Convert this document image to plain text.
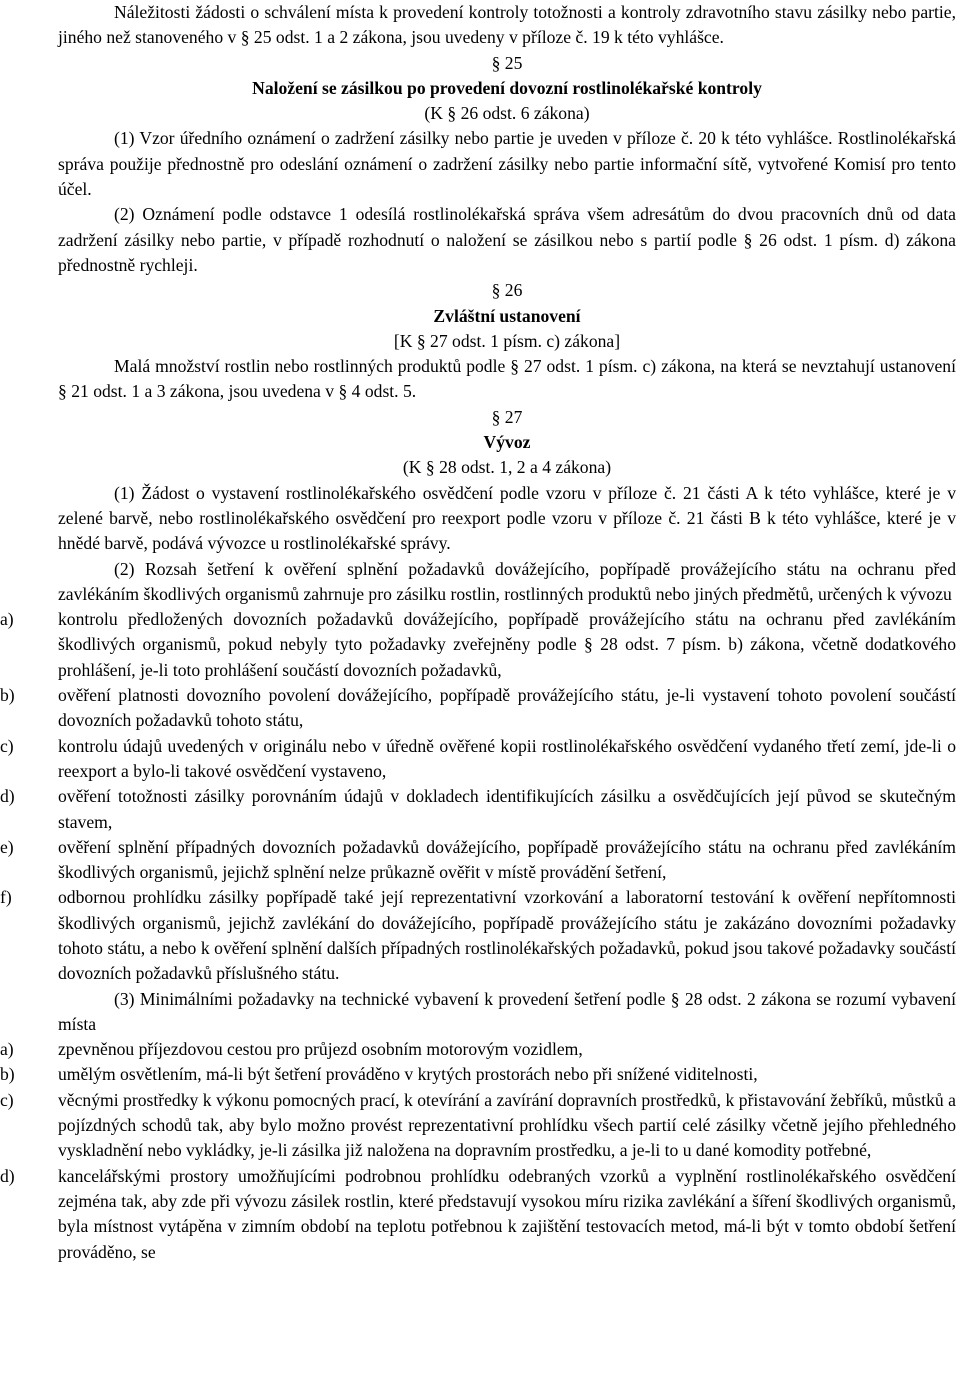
Náležitosti žádosti o schválení místa k provedení kontroly totožnosti a kontroly zdravotního stavu zásilky nebo partie, jiného než stanoveného v § 25 odst. 1 a 2 zákona, jsou uvedeny v příloze č. 19 k této vyhlášce.

§ 25

Naložení se zásilkou po provedení dovozní rostlinolékařské kontroly

(K § 26 odst. 6 zákona)

(1) Vzor úředního oznámení o zadržení zásilky nebo partie je uveden v příloze č. 20 k této vyhlášce. Rostlinolékařská správa použije přednostně pro odeslání oznámení o zadržení zásilky nebo partie informační sítě, vytvořené Komisí pro tento účel.

(2) Oznámení podle odstavce 1 odesílá rostlinolékařská správa všem adresátům do dvou pracovních dnů od data zadržení zásilky nebo partie, v případě rozhodnutí o naložení se zásilkou nebo s partií podle § 26 odst. 1 písm. d) zákona přednostně rychleji.

§ 26

Zvláštní ustanovení

[K § 27 odst. 1 písm. c) zákona]

Malá množství rostlin nebo rostlinných produktů podle § 27 odst. 1 písm. c) zákona, na která se nevztahují ustanovení § 21 odst. 1 a 3 zákona, jsou uvedena v § 4 odst. 5.

§ 27

Vývoz

(K § 28 odst. 1, 2 a 4 zákona)

(1) Žádost o vystavení rostlinolékařského osvědčení podle vzoru v příloze č. 21 části A k této vyhlášce, které je v zelené barvě, nebo rostlinolékařského osvědčení pro reexport podle vzoru v příloze č. 21 části B k této vyhlášce, které je v hnědé barvě, podává vývozce u rostlinolékařské správy.

(2) Rozsah šetření k ověření splnění požadavků dovážejícího, popřípadě provážejícího státu na ochranu před zavlékáním škodlivých organismů zahrnuje pro zásilku rostlin, rostlinných produktů nebo jiných předmětů, určených k vývozu

a)	kontrolu předložených dovozních požadavků dovážejícího, popřípadě provážejícího státu na ochranu před zavlékáním škodlivých organismů, pokud nebyly tyto požadavky zveřejněny podle § 28 odst. 7 písm. b) zákona, včetně dodatkového prohlášení, je-li toto prohlášení součástí dovozních požadavků,
b)	ověření platnosti dovozního povolení dovážejícího, popřípadě provážejícího státu, je-li vystavení tohoto povolení součástí dovozních požadavků tohoto státu,
c)	kontrolu údajů uvedených v originálu nebo v úředně ověřené kopii rostlinolékařského osvědčení vydaného třetí zemí, jde-li o reexport a bylo-li takové osvědčení vystaveno,
d)	ověření totožnosti zásilky porovnáním údajů v dokladech identifikujících zásilku a osvědčujících její původ se skutečným stavem,
e)	ověření splnění případných dovozních požadavků dovážejícího, popřípadě provážejícího státu na ochranu před zavlékáním škodlivých organismů, jejichž splnění nelze průkazně ověřit v místě provádění šetření,
f)	odbornou prohlídku zásilky popřípadě také její reprezentativní vzorkování a laboratorní testování k ověření nepřítomnosti škodlivých organismů, jejichž zavlékání do dovážejícího, popřípadě provážejícího státu je zakázáno dovozními požadavky tohoto státu, a nebo k ověření splnění dalších případných rostlinolékařských požadavků, pokud jsou takové požadavky součástí dovozních požadavků příslušného státu.

(3) Minimálními požadavky na technické vybavení k provedení šetření podle § 28 odst. 2 zákona se rozumí vybavení místa

a)	zpevněnou příjezdovou cestou pro průjezd osobním motorovým vozidlem,
b)	umělým osvětlením, má-li být šetření prováděno v krytých prostorách nebo při snížené viditelnosti,
c)	věcnými prostředky k výkonu pomocných prací, k otevírání a zavírání dopravních prostředků, k přistavování žebříků, můstků a pojízdných schodů tak, aby bylo možno provést reprezentativní prohlídku všech partií celé zásilky včetně jejího přehledného vyskladnění nebo vykládky, je-li zásilka již naložena na dopravním prostředku, a je-li to u dané komodity potřebné,
d)	kancelářskými prostory umožňujícími podrobnou prohlídku odebraných vzorků a vyplnění rostlinolékařského osvědčení zejména tak, aby zde při vývozu zásilek rostlin, které představují vysokou míru rizika zavlékání a šíření škodlivých organismů, byla místnost vytápěna v zimním období na teplotu potřebnou k zajištění testovacích metod, má-li být v tomto období šetření prováděno, se
